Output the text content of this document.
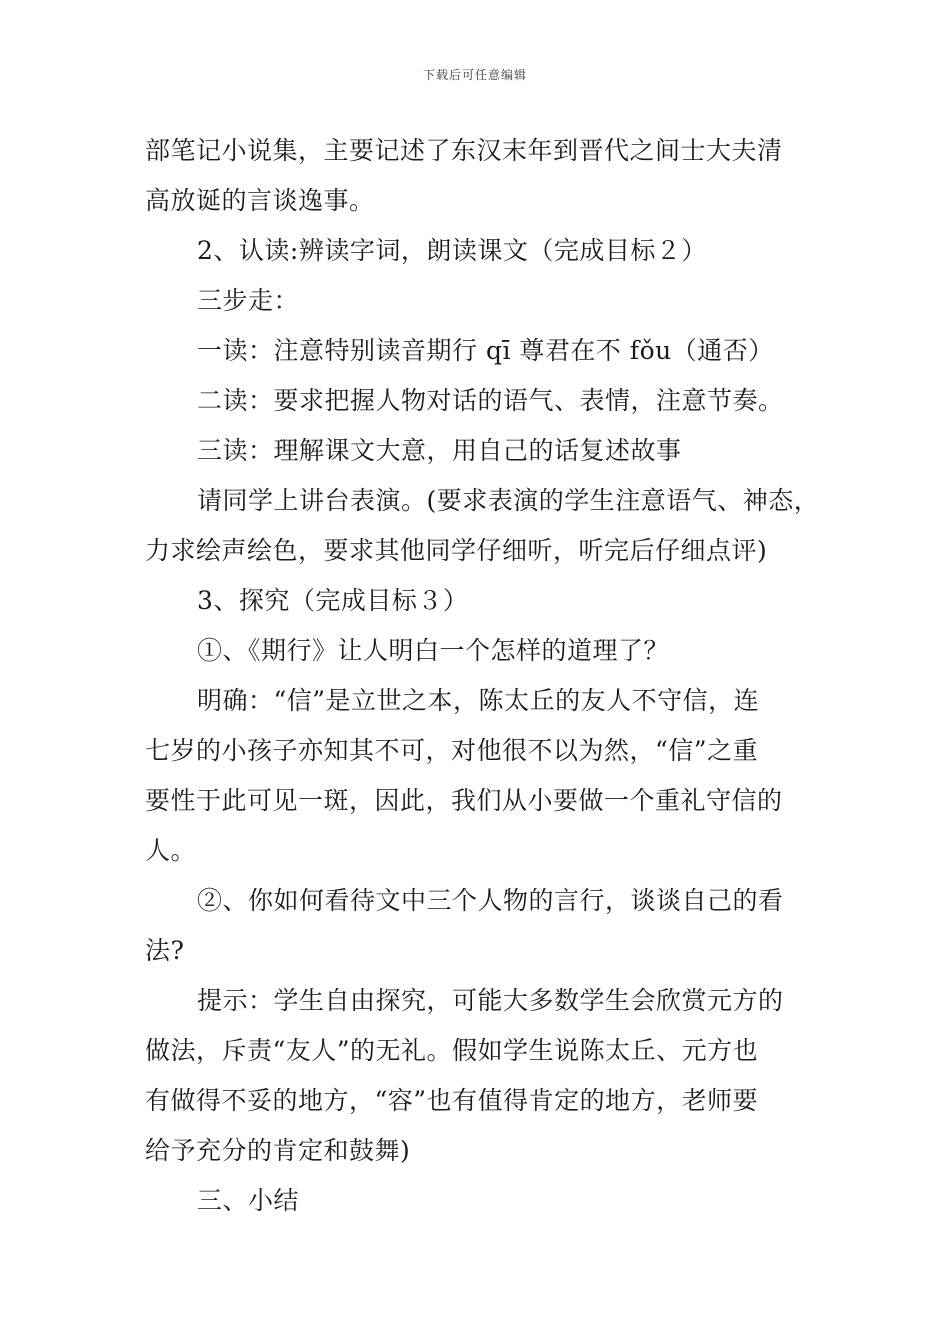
下载后可任意编辑

部笔记小说集，主要记述了东汉末年到晋代之间士大夫清

高放诞的言谈逸事。

2、认读:辨读字词，朗读课文（完成目标２）

三步走：

一读：注意特别读音期行 qī 尊君在不 fǒu（通否）

二读：要求把握人物对话的语气、表情，注意节奏。

三读：理解课文大意，用自己的话复述故事

请同学上讲台表演。(要求表演的学生注意语气、神态，

力求绘声绘色，要求其他同学仔细听，听完后仔细点评)

3、探究（完成目标３）

①、《期行》让人明白一个怎样的道理了？

明确：“信”是立世之本，陈太丘的友人不守信，连

七岁的小孩子亦知其不可，对他很不以为然，“信”之重

要性于此可见一斑，因此，我们从小要做一个重礼守信的

人。

②、你如何看待文中三个人物的言行，谈谈自己的看

法?

提示：学生自由探究，可能大多数学生会欣赏元方的

做法，斥责“友人”的无礼。假如学生说陈太丘、元方也

有做得不妥的地方，“容”也有值得肯定的地方，老师要

给予充分的肯定和鼓舞)

三、小结
